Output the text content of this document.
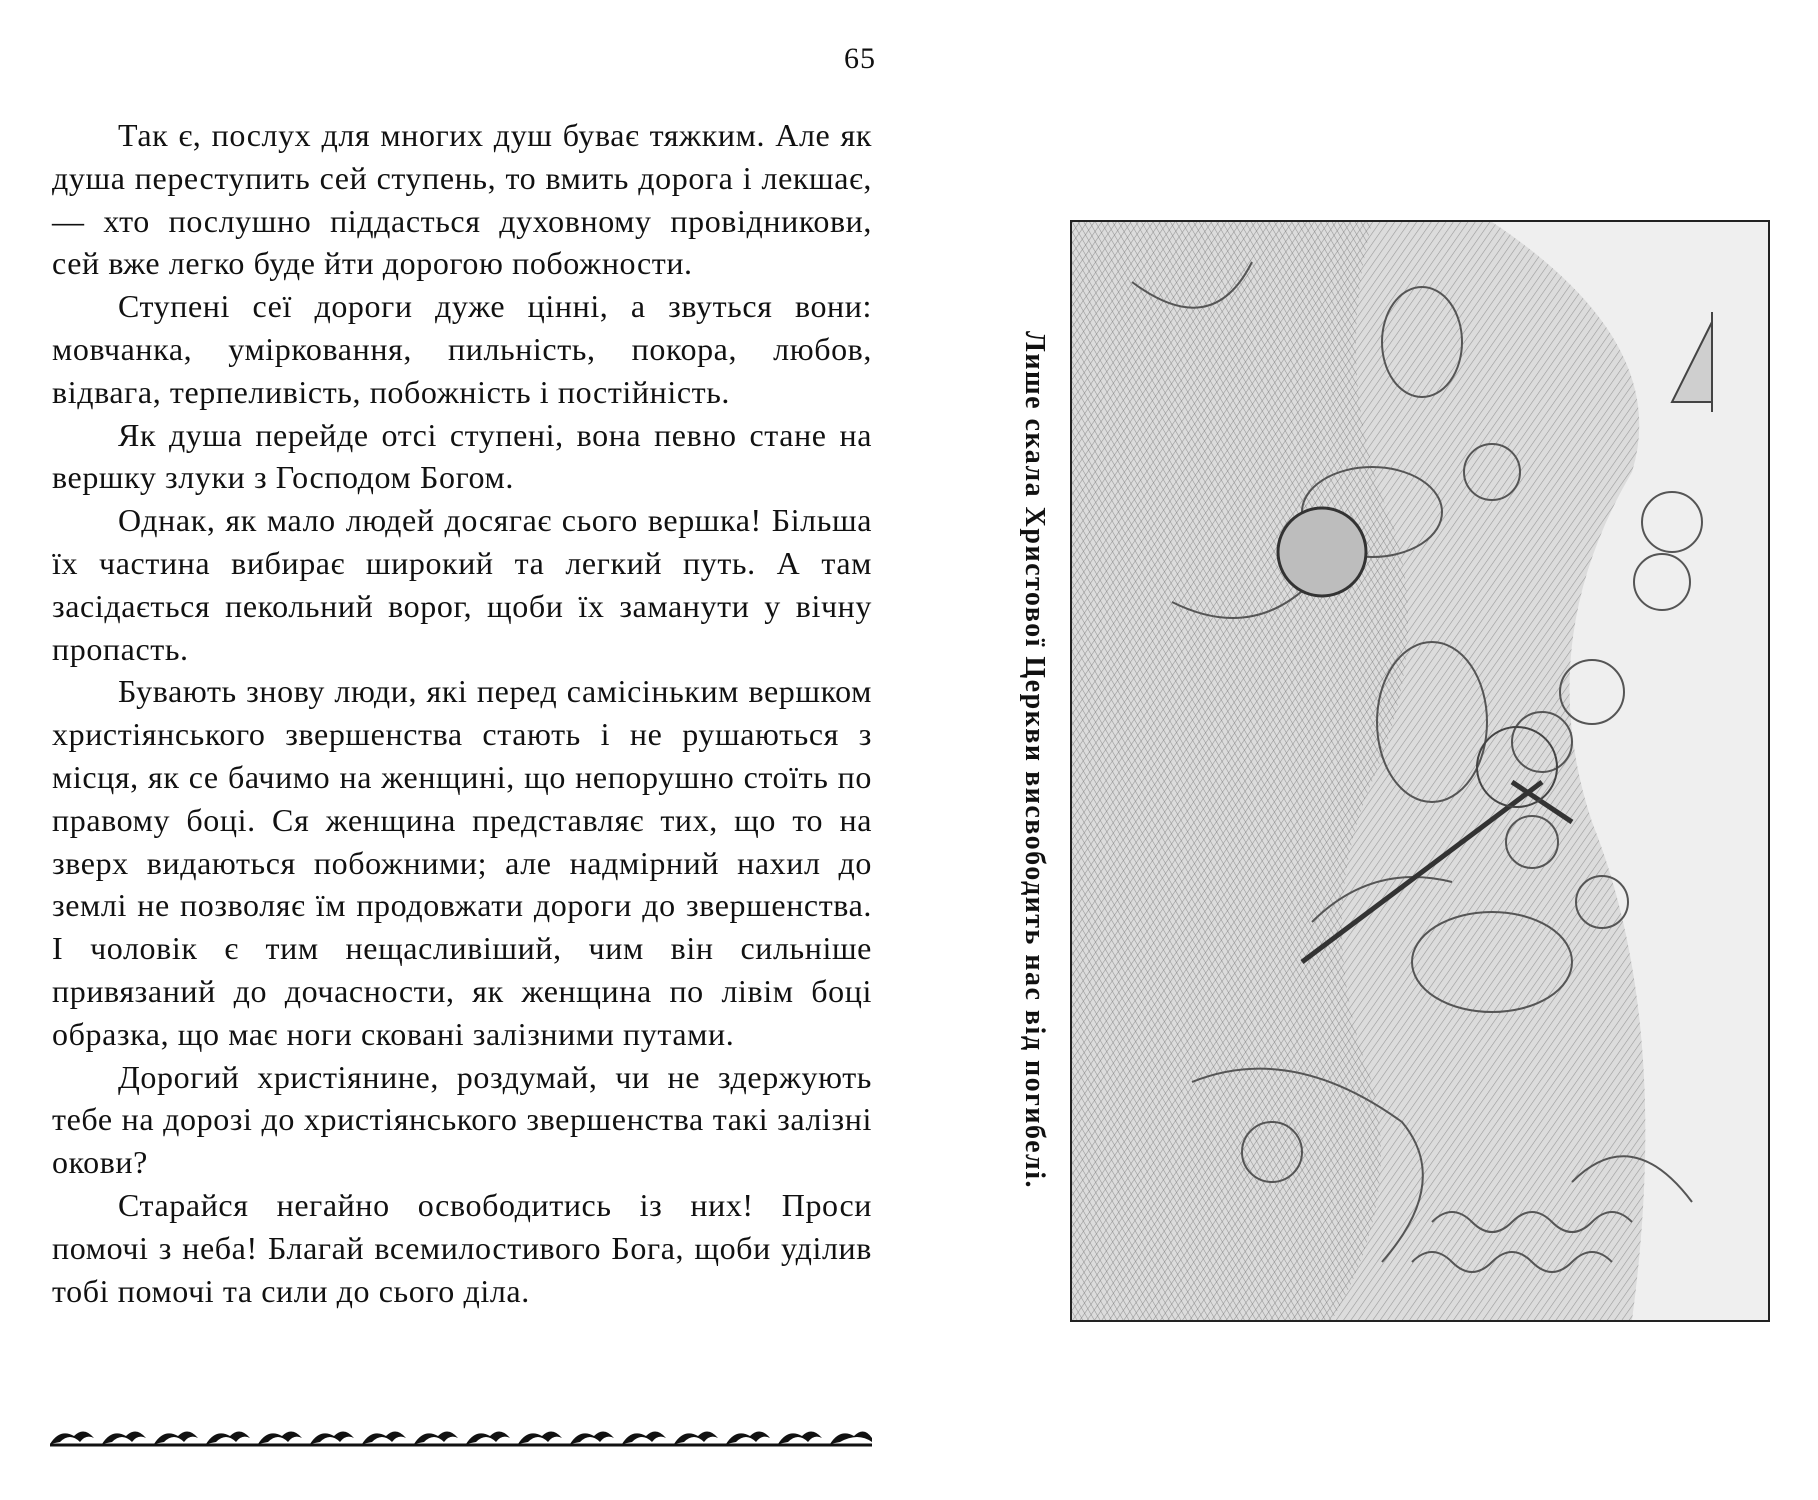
65

Так є, послух для многих душ буває тяжким. Але як душа переступить сей ступень, то вмить дорога і лекшає, — хто послушно піддасться духовному провідникови, сей вже легко буде йти дорогою побожности.

Ступені сеї дороги дуже цінні, а звуться вони: мовчанка, умірковання, пильність, покора, любов, відвага, терпеливість, побожність і постійність.

Як душа перейде отсі ступені, вона певно стане на вершку злуки з Господом Богом.

Однак, як мало людей досягає сього вершка! Більша їх частина вибирає широкий та легкий путь. А там засідається пекольний ворог, щоби їх заманути у вічну пропасть.

Бувають знову люди, які перед самісіньким вершком христіянського звершенства стають і не рушаються з місця, як се бачимо на женщині, що непорушно стоїть по правому боці. Ся женщина представляє тих, що то на зверх видаються побожними; але надмірний нахил до землі не позволяє їм продовжати дороги до звершенства. І чоловік є тим нещасливіший, чим він сильніше привязаний до дочасности, як женщина по лівім боці образка, що має ноги сковані залізними путами.

Дорогий христіянине, роздумай, чи не здержують тебе на дорозі до христіянського звершенства такі залізні окови?

Старайся негайно освободитись із них! Проси помочі з неба! Благай всемилостивого Бога, щоби уділив тобі помочі та сили до сього діла.

Лише скала Христової Церкви висвободить нас від погибелі.
